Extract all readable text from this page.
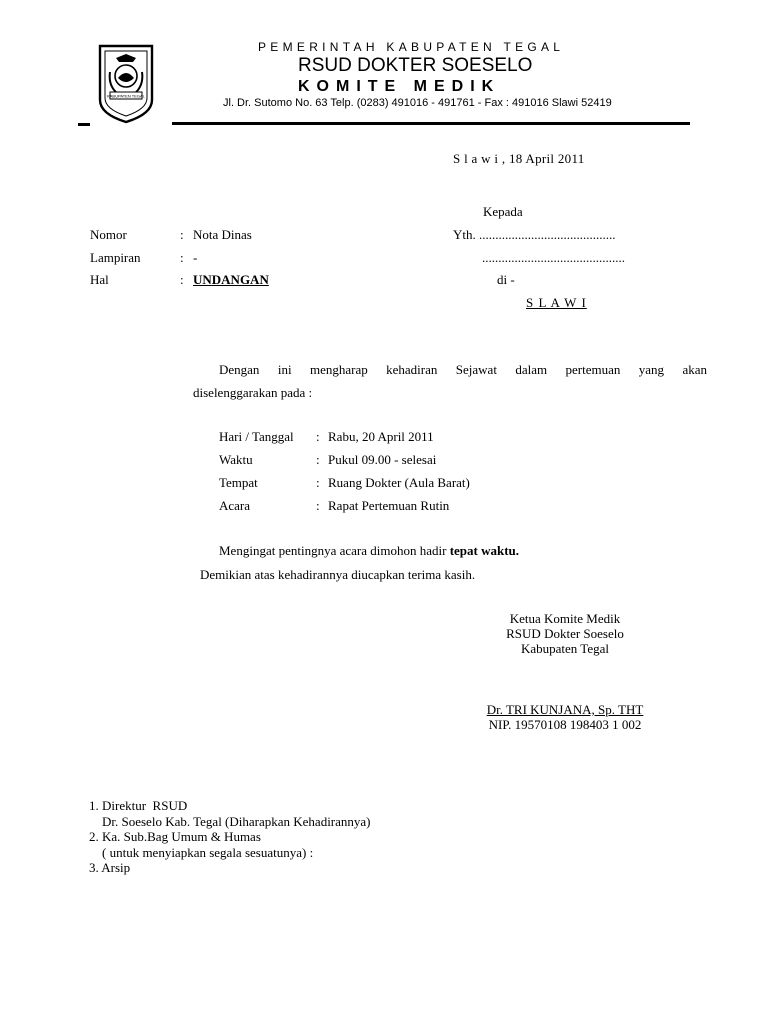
KABUPATEN TEGAL
PEMERINTAH KABUPATEN TEGAL
RSUD DOKTER SOESELO
KOMITE MEDIK
Jl. Dr. Sutomo No. 63 Telp. (0283) 491016 - 491761 - Fax : 491016 Slawi 52419
S l a w i , 18 April 2011
Kepada
Yth. ..........................................
............................................
di -
S L A W I
Nomor	: Nota Dinas
Lampiran	: -
Hal	: UNDANGAN
Dengan ini mengharap kehadiran Sejawat dalam pertemuan yang akan
diselenggarakan pada :
Hari / Tanggal : Rabu, 20 April 2011
Waktu	: Pukul 09.00 - selesai
Tempat	: Ruang Dokter (Aula Barat)
Acara	: Rapat Pertemuan Rutin
Mengingat pentingnya acara dimohon hadir tepat waktu.
Demikian atas kehadirannya diucapkan terima kasih.
Ketua Komite Medik
RSUD Dokter Soeselo
Kabupaten Tegal
Dr. TRI KUNJANA, Sp. THT
NIP. 19570108 198403 1 002
1. Direktur  RSUD
Dr. Soeselo Kab. Tegal (Diharapkan Kehadirannya)
2. Ka. Sub.Bag Umum & Humas
( untuk menyiapkan segala sesuatunya) :
3. Arsip
